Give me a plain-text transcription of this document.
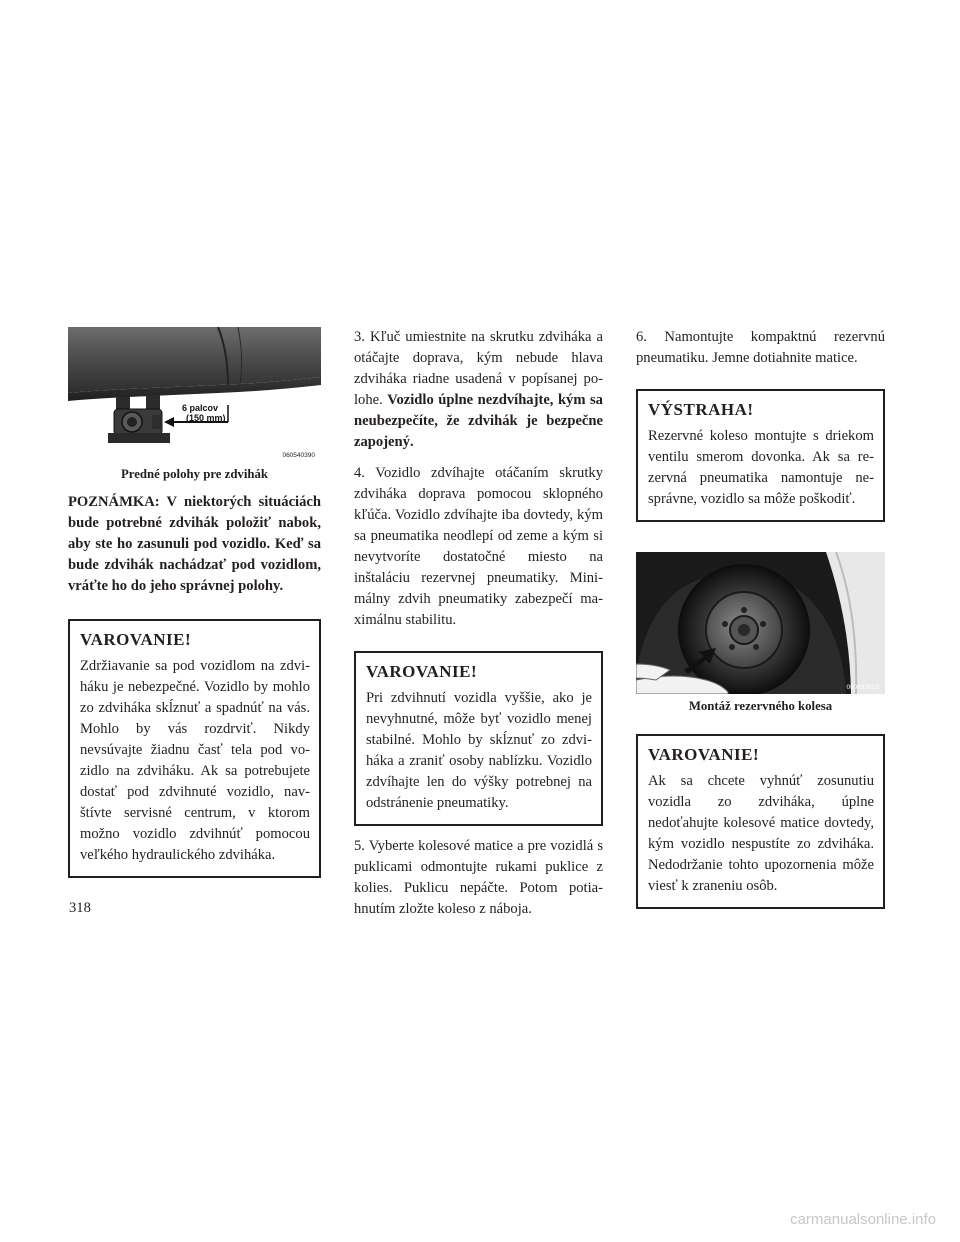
6 palcov
(150 mm)
060540390
Predné polohy pre zdvihák

POZNÁMKA: V niektorých situáciách bude potrebné zdvihák položiť nabok, aby ste ho zasunuli pod vozidlo. Keď sa bude zdvihák nachádzať pod vozidlom, vráťte ho do jeho správnej polohy.

VAROVANIE!

Zdržiavanie sa pod vozidlom na zdviháku je nebezpečné. Vozidlo by mohlo zo zdviháka skĺznuť a spadnúť na vás. Mohlo by vás rozdrviť. Nikdy nevsúvajte žiadnu časť tela pod vozidlo na zdviháku. Ak sa potrebujete dostať pod zdvihnuté vozidlo, navštívte servisné centrum, v ktorom možno vozidlo zdvihnúť pomocou veľkého hydraulického zdviháka.

3. Kľuč umiestnite na skrutku zdviháka a otáčajte doprava, kým nebude hlava zdviháka riadne usadená v popísanej polohe. Vozidlo úplne nezdvíhajte, kým sa neubezpečíte, že zdvihák je bezpečne zapojený.

4. Vozidlo zdvíhajte otáčaním skrutky zdviháka doprava pomocou sklopného kľúča. Vozidlo zdvíhajte iba dovtedy, kým sa pneumatika neodlepí od zeme a kým si nevytvoríte dostatočné miesto na inštaláciu rezervnej pneumatiky. Minimálny zdvih pneumatiky zabezpečí maximálnu stabilitu.

VAROVANIE!

Pri zdvihnutí vozidla vyššie, ako je nevyhnutné, môže byť vozidlo menej stabilné. Mohlo by skĺznuť zo zdviháka a zraniť osoby nablízku. Vozidlo zdvíhajte len do výšky potrebnej na odstránenie pneumatiky.

5. Vyberte kolesové matice a pre vozidlá s puklicami odmontujte rukami puklice z kolies. Puklicu nepáčte. Potom potiahnutím zložte koleso z nábojа.

6. Namontujte kompaktnú rezervnú pneumatiku. Jemne dotiahnite matice.

VÝSTRAHA!

Rezervné koleso montujte s driekom ventilu smerom dovonka. Ak sa rezervná pneumatika namontuje nesprávne, vozidlo sa môže poškodiť.

060633619
Montáž rezervného kolesa
VAROVANIE!

Ak sa chcete vyhnúť zosunutiu vozidla zo zdviháka, úplne nedoťahujte kolesové matice dovtedy, kým vozidlo nespustíte zo zdviháka. Nedodržanie tohto upozornenia môže viesť k zraneniu osôb.

318
carmanualsonline.info
